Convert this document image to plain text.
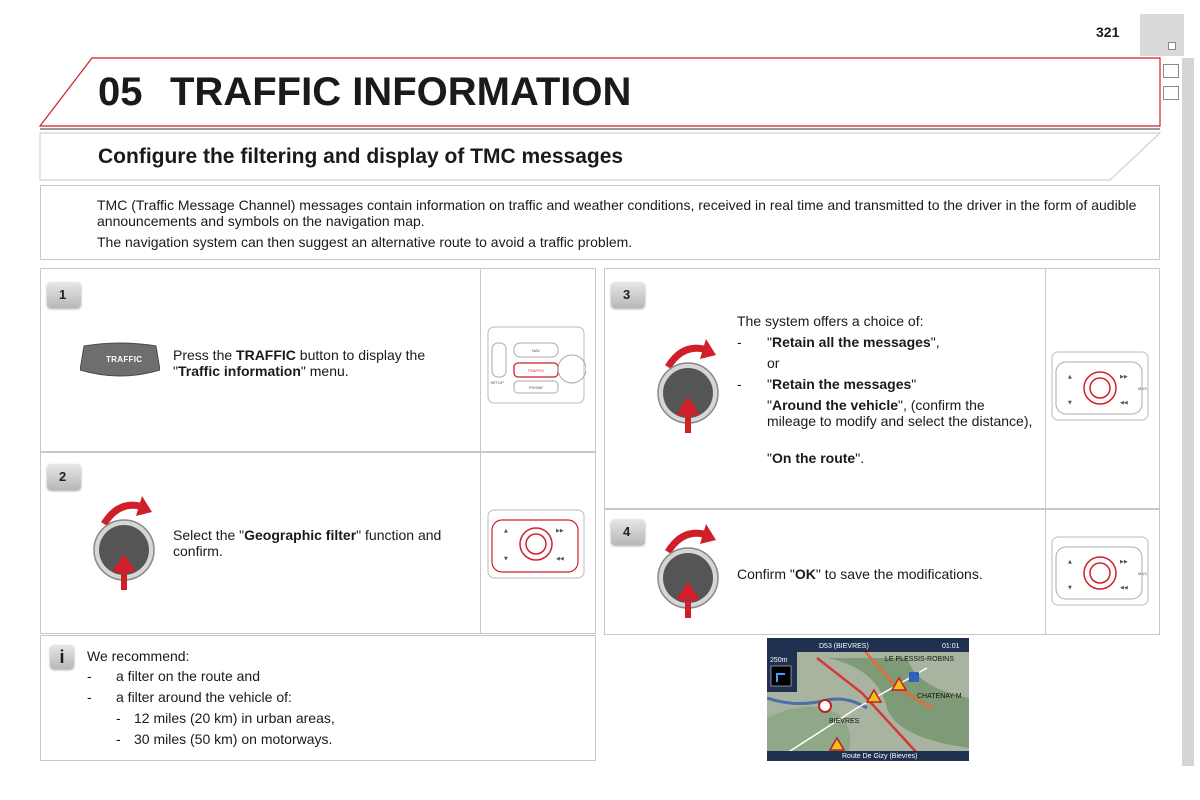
321
05 TRAFFIC INFORMATION
Configure the filtering and display of TMC messages
TMC (Traffic Message Channel) messages contain information on traffic and weather conditions, received in real time and transmitted to the driver in the form of audible announcements and symbols on the navigation map.
The navigation system can then suggest an alternative route to avoid a traffic problem.
1
TRAFFIC Press the TRAFFIC button to display the "Traffic information" menu.
NAV
TRAFFIC
PHONE
SETUP
2
Select the "Geographic filter" function and confirm.
▲
▼
▶▶
◀◀
3
The system offers a choice of:
- "Retain all the messages",
or
- "Retain the messages"
"Around the vehicle", (confirm the mileage to modify and select the distance),
"On the route".
▲
▼
▶▶
◀◀
MUS
4
Confirm "OK" to save the modifications.
▲
▼
▶▶
◀◀
MUS
i	We recommend:
- a filter on the route and
- a filter around the vehicle of:
- 12 miles (20 km) in urban areas,
- 30 miles (50 km) on motorways.
D53 (BIEVRES)	01:01
250m	LE PLESSIS-ROBINS
CHATENAY-M
BIEVRES
Route De Gizy (Bievres)
